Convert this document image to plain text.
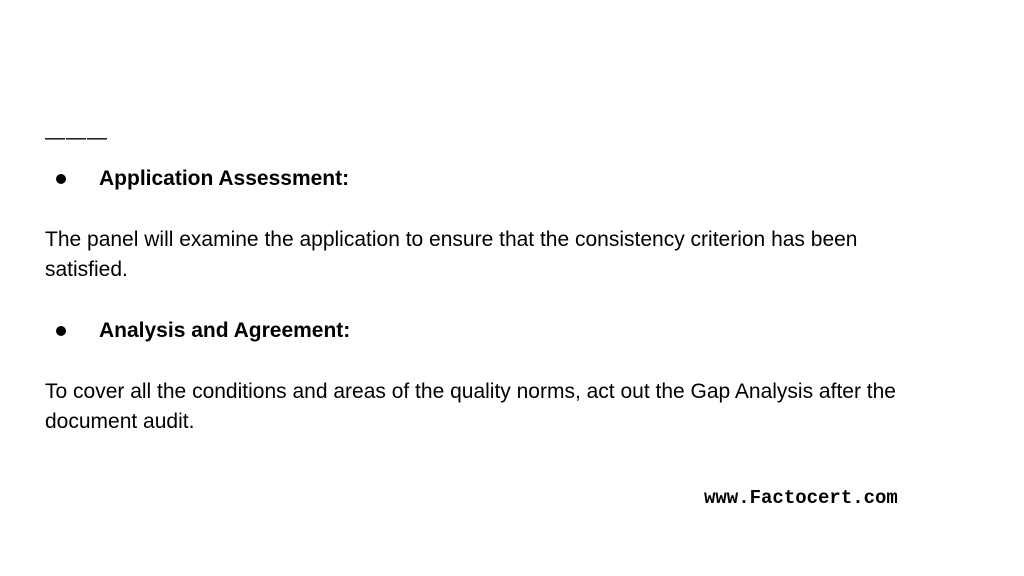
———
Application Assessment:

The panel will examine the application to ensure that the consistency criterion has been satisfied.

Analysis and Agreement:

To cover all the conditions and areas of the quality norms, act out the Gap Analysis after the document audit.

www.Factocert.com
